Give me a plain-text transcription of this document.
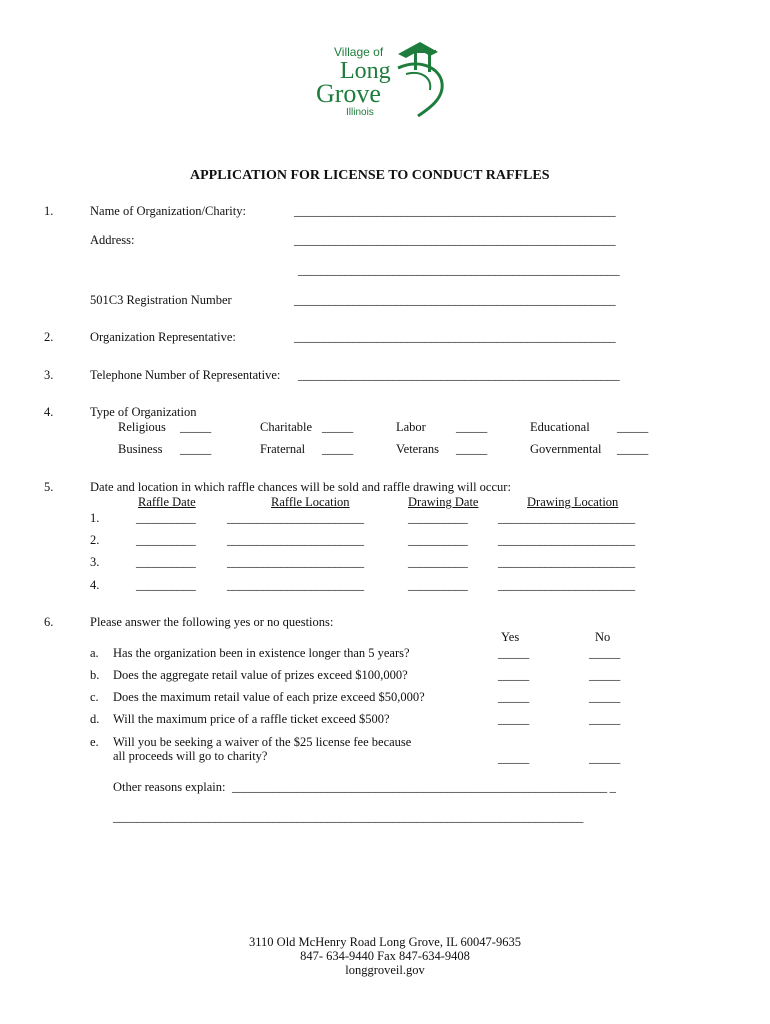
Village of
Long
Grove
Illinois
APPLICATION FOR LICENSE TO CONDUCT RAFFLES
1.	Name of Organization/Charity:	______________________________________________________
Address:	______________________________________________________
______________________________________________________
501C3 Registration Number	______________________________________________________
2.	Organization Representative:	______________________________________________________
3.	Telephone Number of Representative: ______________________________________________________
4.	Type of Organization
Religious _____	Charitable _____	Labor _____	Educational _____
Business _____	Fraternal _____	Veterans _____	Governmental _____
5.	Date and location in which raffle chances will be sold and raffle drawing will occur:
Raffle Date	Raffle Location	Drawing Date	Drawing Location
1.	__________	_______________________	__________ _______________________
2.	__________	_______________________	__________ _______________________
3.	__________	_______________________	__________ _______________________
4.	__________	_______________________	__________ _______________________
6.	Please answer the following yes or no questions:
Yes	No
a. Has the organization been in existence longer than 5 years?	_____	_____
b. Does the aggregate retail value of prizes exceed $100,000?	_____	_____
c. Does the maximum retail value of each prize exceed $50,000?	_____	_____
d. Will the maximum price of a raffle ticket exceed $500?	_____	_____
e. Will you be seeking a waiver of the $25 license fee because
all proceeds will go to charity?	_____	_____
Other reasons explain: _______________________________________________________________ _
_______________________________________________________________________________
3110 Old McHenry Road Long Grove, IL 60047-9635
847- 634-9440 Fax 847-634-9408
longgroveil.gov
